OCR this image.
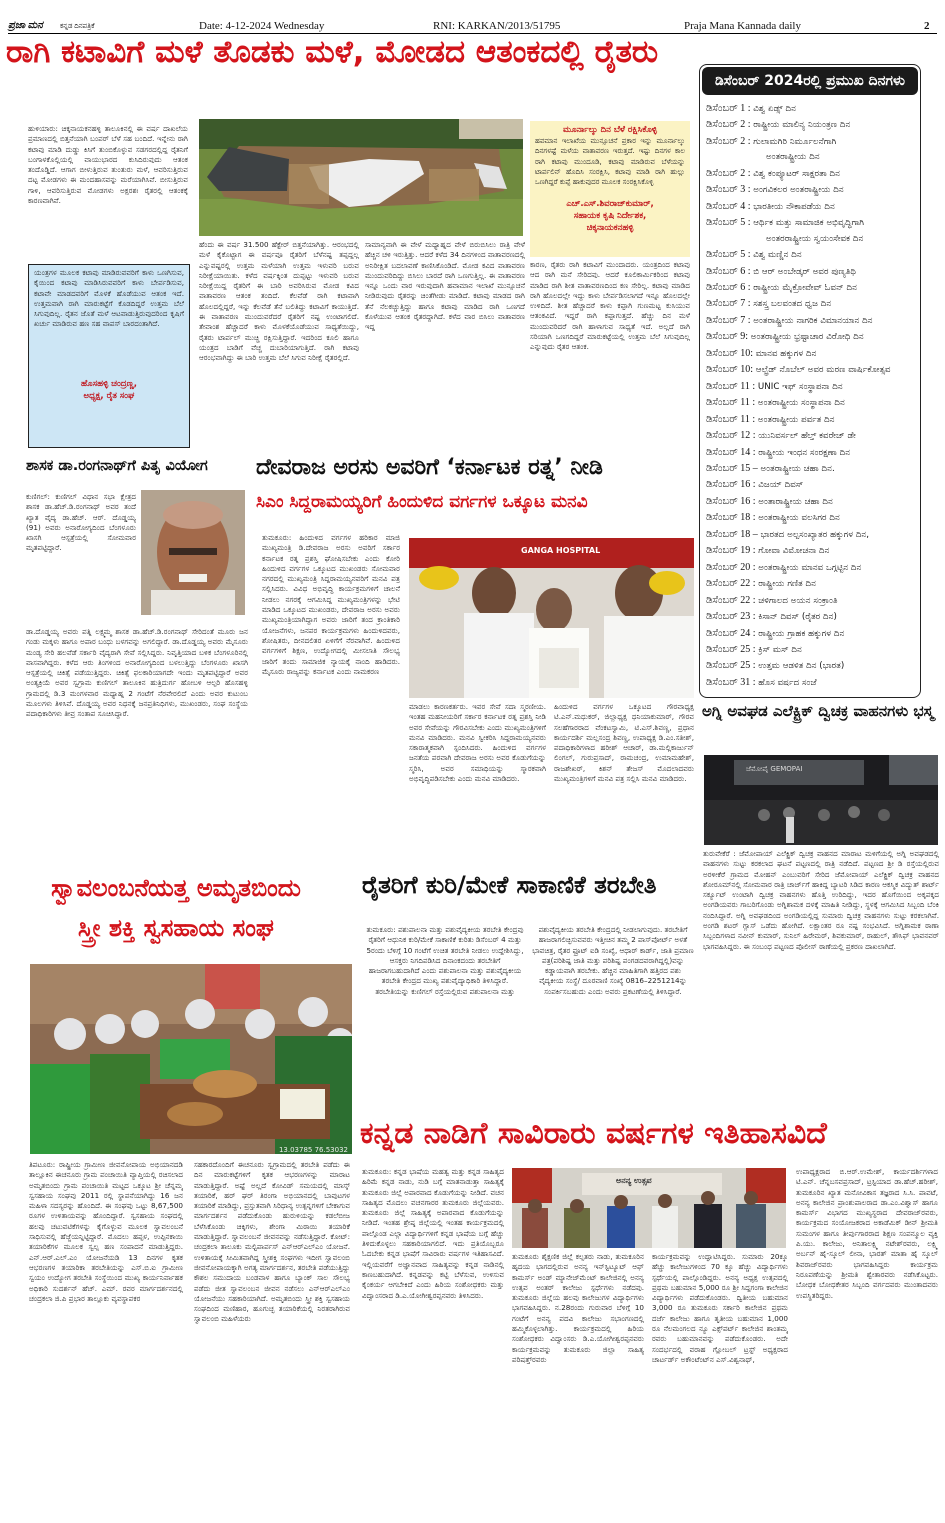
ಪ್ರಜಾ ಮನ ಕನ್ನಡ ದಿನಪತ್ರಿಕೆ	Date: 4-12-2024 Wednesday	RNI: KARKAN/2013/51795	Praja Mana Kannada daily	2
ರಾಗಿ ಕಟಾವಿಗೆ ಮಳೆ ತೊಡಕು ಮಳೆ, ಮೋಡದ ಆತಂಕದಲ್ಲಿ ರೈತರು
ಹುಳಿಯಾರು: ಚಿಕ್ಕನಾಯಕನಹಳ್ಳಿ ತಾಲೂಕಿನಲ್ಲಿ ಈ ವರ್ಷ ದಾಖಲೆಯ ಪ್ರಮಾಣದಲ್ಲಿ ಬಿತ್ತನೆಯಾಗಿ ಬಂಪರ್ ಬೆಳೆ ಸಹ ಬಂದಿದೆ. ಇನ್ನೇನು ರಾಗಿ ಕಟಾವು ಮಾಡಿ ದುಡ್ಡು ಕಿಸಿಗೆ ತುಂಬಿಕೊಳ್ಳುವ ಸಡಗರದಲ್ಲಿದ್ದ ರೈತನಿಗೆ ಬಂಗಾಳಕೊಲ್ಲಿಯಲ್ಲಿ ವಾಯುಭಾರದ ಕುಸಿದಿರುವುದು ಆತಂಕ ತಂದೊಡ್ಡಿದೆ. ಆಗಾಗ ಬೀಳುತ್ತಿರುವ ತುಂತುರು ಮಳೆ, ಆವರಿಸುತ್ತಿರುವ ದಟ್ಟ ಮೋಡಗಳು ಈ ಮಂದಹಾಸವನ್ನು ಮರೆಯಾಗಿಸಿವೆ. ಬೀಸುತ್ತಿರುವ ಗಾಳಿ, ಆವರಿಸುತ್ತಿರುವ ಮೋಡಗಳು ಅಕ್ಷರಶಃ ರೈತರಲ್ಲಿ ಆತಂಕಕ್ಕೆ ಕಾರಣವಾಗಿವೆ.
ಯಂತ್ರಗಳ ಮೂಲಕ ಕಟಾವು ಮಾಡಿರುವವರಿಗೆ ಕಾಳು ಒಣಗಿಸುವ, ಕೈಯಿಂದ ಕಟಾವು ಮಾಡಿಸಿರುವವರಿಗೆ ಕಾಳು ಬೇರ್ಪಡಿಸುವ, ಕಟಾವೇ ಮಾಡದವರಿಗೆ ಮೊಳಕೆ ಹೊಡೆಯುವ ಆತಂಕ ಇದೆ. ಉತ್ತಮವಾಗಿ ರಾಗಿ ಮಾರುಕಟ್ಟೆಗೆ ಕೊಡದಿದ್ದರೆ ಉತ್ತಮ ಬೆಲೆ ಸಿಗುವುದಿಲ್ಲ. ರೈತನ ಜೊತೆ ಮಳೆ ಆಟವಾಡುತ್ತಿರುವುದರಿಂದ ಕೃಷಿಗೆ ಖರ್ಚು ಮಾಡಿರುವ ಹಣ ಸಹ ವಾಪಸ್ ಬಾರದಂತಾಗಿದೆ.
ಹೊಸಹಳ್ಳಿ ಚಂದ್ರಣ್ಣ,
ಅಧ್ಯಕ್ಷ, ರೈತ ಸಂಘ
ಹೆಂದು ಈ ವರ್ಷ 31.500 ಹೆಕ್ಟೇರ್ ಬಿತ್ತನೆಯಾಗಿತ್ತು. ಆರಂಭದಲ್ಲಿ ಮಳೆ ಕೈಕೊಟ್ಟಾಗ ಈ ವರ್ಷವೂ ರೈತರಿಗೆ ಬೆಳೆನಷ್ಟ ತಪ್ಪದ್ದಲ್ಲ ಎನ್ನುವಷ್ಟರಲ್ಲಿ ಉತ್ತಮ ಮಳೆಯಾಗಿ ಉತ್ತಮ ಇಳುವರಿ ಬರುವ ನಿರೀಕ್ಷೆಯಾಯಿತು. ಕಳೆದ ವರ್ಷಕ್ಕಿಂತ ದುಪ್ಪಟ್ಟು ಇಳುವರಿ ಬರುವ ನಿರೀಕ್ಷೆಯಿದ್ದ ರೈತರಿಗೆ ಈ ಬಾರಿ ಅವರಿಸಿರುವ ಮೋಡ ಕವಿದ ವಾತಾವರಣ ಆತಂಕ ತಂದಿದೆ. ಕೆಲವೆಡೆ ರಾಗಿ ಕಟಾವಾಗಿ ಹೊಲದಲ್ಲಿದ್ದರೆ, ಇನ್ನು ಕೆಲವೆಡೆ ತೆನೆ ಬಲಿತಿದ್ದು ಕಟಾವಿಗೆ ಕಾಯುತ್ತಿದೆ. ಈ ವಾತಾವರಣ ಮುಂದುವರೆದರೆ ರೈತರಿಗೆ ನಷ್ಟ ಉಂಟಾಗಲಿದೆ. ತೇವಾಂಶ ಹೆಚ್ಚಾದರೆ ಕಾಳು ಮೊಳಕೆಯೊಡೆಯುವ ಸಾಧ್ಯತೆಯಿದ್ದು, ರೈತರು ಟಾರ್ಪಲ್ ಮುಚ್ಚಿ ರಕ್ಷಿಸುತ್ತಿದ್ದಾರೆ. ಇದರಿಂದ ಕೂಲಿ ಹಾಗೂ ಯಂತ್ರದ ಬಾಡಿಗೆ ವೆಚ್ಚ ದುಬಾರಿಯಾಗುತ್ತಿದೆ. ರಾಗಿ ಕಟಾವು ಆರಂಭವಾಗಿದ್ದು ಈ ಬಾರಿ ಉತ್ತಮ ಬೆಲೆ ಸಿಗುವ ನಿರೀಕ್ಷೆ ರೈತರಲ್ಲಿದೆ.
ಸಾಮಾನ್ಯವಾಗಿ ಈ ವೇಳೆ ಮಧ್ಯಾಹ್ನದ ವೇಳೆ ಬಿರುಬಿಸಿಲು ರಾತ್ರಿ ವೇಳೆ ಹೆಚ್ಚಿನ ಚಳಿ ಇರುತ್ತಿತ್ತು. ಆದರೆ ಕಳೆದ 34 ದಿನಗಳಿಂದ ವಾತಾವರಣದಲ್ಲಿ ಅನಿರೀಕ್ಷಿತ ಬದಲಾವಣೆ ಕಾಣಿಸಿಕೊಂಡಿದೆ. ಮೋಡ ಕವಿದ ವಾತಾವರಣ ಮುಂದುವರಿದಿದ್ದು ಬಿಸಿಲು ಬಾರದೆ ರಾಗಿ ಒಣಗುತ್ತಿಲ್ಲ. ಈ ವಾತಾವರಣ ಇನ್ನೂ ಒಂದು ವಾರ ಇರುವುದಾಗಿ ಹವಾಮಾನ ಇಲಾಖೆ ಮುನ್ಸೂಚನೆ ನೀಡಿರುವುದು ರೈತರನ್ನು ಚಿಂತೆಗೀಡು ಮಾಡಿದೆ. ಕಟಾವು ಮಾಡದ ರಾಗಿ ತೆನೆ ನೆಲಕಚ್ಚುತ್ತಿದ್ದು ಹಾಗೂ ಕಟಾವು ಮಾಡಿದ ರಾಗಿ ಒಣಗದೆ ಕೊಳೆಯುವ ಆತಂಕ ರೈತರದ್ದಾಗಿದೆ. ಕಳೆದ ವಾರ ಬಿಸಿಲು ವಾತಾವರಣ ಇದ್ದ
ಮೂರ್ನಾಲ್ಕು ದಿನ ಬೆಳೆ ರಕ್ಷಿಸಿಕೊಳ್ಳಿ
ಹವಮಾನ ಇಲಾಖೆಯ ಮುನ್ಸೂಚನೆ ಪ್ರಕಾರ ಇನ್ನು ಮೂರ್ನಾಲ್ಕು ದಿನಗಳಷ್ಟೆ ಮಳೆಯ ವಾತಾವರಣ ಇರುತ್ತದೆ. ಇಷ್ಟು ದಿನಗಳ ಕಾಲ ರಾಗಿ ಕಟಾವು ಮುಂದೂಡಿ, ಕಟಾವು ಮಾಡಿರುವ ಬೆಳೆಯನ್ನು ಟಾರ್ಪಲಿನ್ ಹೊದಿಸಿ ಸಂರಕ್ಷಿಸಿ, ಕಟಾವು ಮಾಡಿ ರಾಗಿ ಹುಲ್ಲು ಒಣಗಿದ್ದರೆ ಕುಪ್ಪೆ ಹಾಕುವುದರ ಮೂಲಕ ಸಂರಕ್ಷಿಸಿಕೊಳ್ಳಿ
ಎಚ್.ಎಸ್.ಶಿವರಾಜ್‌ಕುಮಾರ್,
ಸಹಾಯಕ ಕೃಷಿ ನಿರ್ದೇಶಕ,
ಚಿಕ್ಕನಾಯಕನಹಳ್ಳಿ
ಕಾರಣ, ರೈತರು ರಾಗಿ ಕಟಾವಿಗೆ ಮುಂದಾದರು. ಯಂತ್ರದಿಂದ ಕಟಾವು ಆದ ರಾಗಿ ಮನೆ ಸೇರಿದವು. ಆದರೆ ಕೂಲಿಕಾರ್ಮಿಕರಿಂದ ಕಟಾವು ಮಾಡಿದ ರಾಗಿ ಶೀತ ವಾತಾವರಣದಿಂದ ಕಣ ಸೇರಿಲ್ಲ. ಕಟಾವು ಮಾಡಿದ ರಾಗಿ ಹೊಲದಲ್ಲೇ ಇದ್ದು ಕಾಳು ಬೇರ್ಪಡಿಸಲಾಗದೆ ಇನ್ನೂ ಹೊಲದಲ್ಲೇ ಉಳಿದಿದೆ. ಶೀತ ಹೆಚ್ಚಾದರೆ ಕಾಳು ಕಪ್ಪಾಗಿ ಗುಣಮಟ್ಟ ಕುಸಿಯುವ ಆತಂಕವಿದೆ. ಇದ್ದರೆ ರಾಗಿ ಕಪ್ಪಾಗುತ್ತದೆ. ಹೆಚ್ಚು ದಿನ ಮಳೆ ಮುಂದುವರಿದರೆ ರಾಗಿ ಹಾಳಾಗುವ ಸಾಧ್ಯತೆ ಇದೆ. ಅಲ್ಲದೆ ರಾಗಿ ಸರಿಯಾಗಿ ಒಣಗದಿದ್ದರೆ ಮಾರುಕಟ್ಟೆಯಲ್ಲಿ ಉತ್ತಮ ಬೆಲೆ ಸಿಗುವುದಿಲ್ಲ ಎನ್ನುವುದು ರೈತರ ಆತಂಕ.
ಡಿಸೆಂಬರ್ 2024ರಲ್ಲಿ ಪ್ರಮುಖ ದಿನಗಳು
ಡಿಸೆಂಬರ್ 1 : ವಿಶ್ವ ಏಡ್ಸ್ ದಿನ
ಡಿಸೆಂಬರ್ 2 : ರಾಷ್ಟ್ರೀಯ ಮಾಲಿನ್ಯ ನಿಯಂತ್ರಣ ದಿನ
ಡಿಸೆಂಬರ್ 2 : ಗುಲಾಮಗಿರಿ ನಿರ್ಮೂಲನೆಗಾಗಿ
ಅಂತರಾಷ್ಟ್ರೀಯ ದಿನ
ಡಿಸೆಂಬರ್ 2 : ವಿಶ್ವ ಕಂಪ್ಯೂಟರ್ ಸಾಕ್ಷರತಾ ದಿನ
ಡಿಸೆಂಬರ್ 3 : ಅಂಗವಿಕಲರ ಅಂತರಾಷ್ಟ್ರೀಯ ದಿನ
ಡಿಸೆಂಬರ್ 4 : ಭಾರತೀಯ ನೌಕಾಪಡೆಯ ದಿನ
ಡಿಸೆಂಬರ್ 5 : ಆರ್ಥಿಕ ಮತ್ತು ಸಾಮಾಜಿಕ ಅಭಿವೃದ್ಧಿಗಾಗಿ
ಅಂತರರಾಷ್ಟ್ರೀಯ ಸ್ವಯಂಸೇವಕ ದಿನ
ಡಿಸೆಂಬರ್ 5 : ವಿಶ್ವ ಮಣ್ಣಿನ ದಿನ
ಡಿಸೆಂಬರ್ 6 : ಬಿ ಆರ್ ಅಂಬೇಡ್ಕರ್ ಅವರ ಪುಣ್ಯತಿಥಿ
ಡಿಸೆಂಬರ್ 6 : ರಾಷ್ಟ್ರೀಯ ಮೈಕ್ರೋವೇವ್ ಓವನ್ ದಿನ
ಡಿಸೆಂಬರ್ 7 : ಸಶಸ್ತ್ರ ಬಲವಂತದ ಧ್ವಜ ದಿನ
ಡಿಸೆಂಬರ್ 7 : ಅಂತರಾಷ್ಟ್ರೀಯ ನಾಗರಿಕ ವಿಮಾನಯಾನ ದಿನ
ಡಿಸೆಂಬರ್ 9: ಅಂತರಾಷ್ಟ್ರೀಯ ಭ್ರಷ್ಟಾಚಾರ ವಿರೋಧಿ ದಿನ
ಡಿಸೆಂಬರ್ 10: ಮಾನವ ಹಕ್ಕುಗಳ ದಿನ
ಡಿಸೆಂಬರ್ 10: ಆಲ್ಫ್ರೆಡ್ ನೊಬೆಲ್ ಅವರ ಮರಣ ವಾರ್ಷಿಕೋತ್ಸವ
ಡಿಸೆಂಬರ್ 11 : UNIC ಇಫ್ ಸಂಸ್ಥಾಪನಾ ದಿನ
ಡಿಸೆಂಬರ್ 11 : ಅಂತರಾಷ್ಟ್ರೀಯ ಸಂಸ್ಥಾಪನಾ ದಿನ
ಡಿಸೆಂಬರ್ 11 : ಅಂತರಾಷ್ಟ್ರೀಯ ಪರ್ವತ ದಿನ
ಡಿಸೆಂಬರ್ 12 : ಯುನಿವರ್ಸಲ್ ಹೆಲ್ತ್ ಕವರೇಜ್ ಡೇ
ಡಿಸೆಂಬರ್ 14 : ರಾಷ್ಟ್ರೀಯ ಇಂಧನ ಸಂರಕ್ಷಣಾ ದಿನ
ಡಿಸೆಂಬರ್ 15 – ಅಂತರಾಷ್ಟ್ರೀಯ ಚಹಾ ದಿನ.
ಡಿಸೆಂಬರ್ 16 : ವಿಜಯ್ ದಿವಸ್
ಡಿಸೆಂಬರ್ 16 : ಅಂತಾರಾಷ್ಟ್ರೀಯ ಚಹಾ ದಿನ
ಡಿಸೆಂಬರ್ 18 : ಅಂತರಾಷ್ಟ್ರೀಯ ವಲಸಿಗರ ದಿನ
ಡಿಸೆಂಬರ್ 18 – ಭಾರತದ ಅಲ್ಪಸಂಖ್ಯಾತರ ಹಕ್ಕುಗಳ ದಿನ,
ಡಿಸೆಂಬರ್ 19 : ಗೋವಾ ವಿಮೋಚನಾ ದಿನ
ಡಿಸೆಂಬರ್ 20 : ಅಂತರಾಷ್ಟ್ರೀಯ ಮಾನವ ಒಗ್ಗಟ್ಟಿನ ದಿನ
ಡಿಸೆಂಬರ್ 22 : ರಾಷ್ಟ್ರೀಯ ಗಣಿತ ದಿನ
ಡಿಸೆಂಬರ್ 22 : ಚಳಿಗಾಲದ ಅಯನ ಸಂಕ್ರಾಂತಿ
ಡಿಸೆಂಬರ್ 23 : ಕಿಸಾನ್ ದಿವಸ್ (ರೈತರ ದಿನ)
ಡಿಸೆಂಬರ್ 24 : ರಾಷ್ಟ್ರೀಯ ಗ್ರಾಹಕ ಹಕ್ಕುಗಳ ದಿನ
ಡಿಸೆಂಬರ್ 25 : ಕ್ರಿಸ್ ಮಸ್ ದಿನ
ಡಿಸೆಂಬರ್ 25 : ಉತ್ತಮ ಆಡಳಿತ ದಿನ (ಭಾರತ)
ಡಿಸೆಂಬರ್ 31 : ಹೊಸ ವರ್ಷದ ಸಂಜೆ
ಅಗ್ನಿ ಅವಘಡ ಎಲೆಕ್ಟ್ರಿಕ್ ದ್ವಿಚಕ್ರ ವಾಹನಗಳು ಭಸ್ಮ
ಜೆಮೋಪೈ GEMOPAI
ತುರುವೇಕೆರೆ : ಜೆಮೋಪಾಯ್ ಎಲೆಕ್ಟ್ರಿಕ್ ದ್ವಿಚಕ್ರ ವಾಹನದ ಮಾರಾಟ ಮಳಿಗೆಯಲ್ಲಿ ಅಗ್ನಿ ಅವಘಡದಲ್ಲಿ ವಾಹನಗಳು ಸುಟ್ಟು ಕರಕಲಾದ ಘಟನೆ ಪಟ್ಟಣದಲ್ಲಿ ರಾತ್ರಿ ನಡೆದಿದೆ. ಪಟ್ಟಣದ ಶ್ರೀ ಡಿ ರಸ್ತೆಯಲ್ಲಿರುವ ಅರಳೀಕೆರೆ ಗ್ರಾಮದ ಮೋಹನ್ ಎಂಬುವರಿಗೆ ಸೇರಿದ ಜೆಮೋಪಾಯ್ ಎಲೆಕ್ಟ್ರಿಕ್ ದ್ವಿಚಕ್ರ ವಾಹನದ ಶೋರೂಮ್‌ನಲ್ಲಿ ಸೋಮವಾರ ರಾತ್ರಿ ಚಾರ್ಜ್‌ಗೆ ಹಾಕಿದ್ದ ಬ್ಯಾಟರಿ ಸಿಡಿದ ಕಾರಣ ಆಕಸ್ಮಿಕ ವಿದ್ಯುತ್ ಶಾರ್ಟ್ ಸರ್ಕ್ಯೂಟ್ ಉಂಟಾಗಿ ದ್ವಿಚಕ್ರ ವಾಹನಗಳು ಹೊತ್ತಿ ಉರಿದಿದ್ದು, ಇದರ ಹೊಗೆಯಿಂದ ಅಕ್ಕಪಕ್ಕದ ಅಂಗಡಿಯವರು ಗಾಬರಿಗೊಂಡು ಅಗ್ನಿಶಾಮಕ ದಳಕ್ಕೆ ಮಾಹಿತಿ ನೀಡಿದ್ದು, ಸ್ಥಳಕ್ಕೆ ಆಗಮಿಸಿದ ಸಿಬ್ಬಂದಿ ಬೆಂಕಿ ನಂದಿಸಿದ್ದಾರೆ. ಅಗ್ನಿ ಅವಘಡದಿಂದ ಅಂಗಡಿಯಲ್ಲಿದ್ದ ಸುಮಾರು ದ್ವಿಚಕ್ರ ವಾಹನಗಳು ಸುಟ್ಟು ಕರಕಲಾಗಿವೆ. ಅಂಗಡಿ ಶಟರ್ ಗ್ಲಾಸ್ ಒಡೆದು ಹೋಗಿದೆ. ಲಕ್ಷಾಂತರ ರೂ ನಷ್ಟ ಸಂಭವಿಸಿದೆ. ಅಗ್ನಿಶಾಮಕ ಠಾಣಾ ಸಿಬ್ಬಂದಿಗಳಾದ ನವೀನ್ ಕುಮಾರ್, ಸುನಿಲ್ ಹಿರೇಮಠ್, ಶಿವಕುಮಾರ್, ರಾಹುಲ್, ತೌಸಿಫ್ ಭಾವನವರ್ ಭಾಗವಹಿಸಿದ್ದರು. ಈ ಸಂಬಂಧ ಪಟ್ಟಣದ ಪೊಲೀಸ್ ಠಾಣೆಯಲ್ಲಿ ಪ್ರಕರಣ ದಾಖಲಾಗಿದೆ.
ಶಾಸಕ ಡಾ.ರಂಗನಾಥ್‌ಗೆ ಪಿತೃ ವಿಯೋಗ
ಕುಣಿಗಲ್: ಕುಣಿಗಲ್ ವಿಧಾನ ಸಭಾ ಕ್ಷೇತ್ರದ ಶಾಸಕ ಡಾ.ಹೆಚ್.ಡಿ.ರಂಗನಾಥ್ ಅವರ ತಂದೆ ಖ್ಯಾತ ವೈದ್ಯ ಡಾ.ಹೆಚ್. ಆರ್. ದೊಡ್ಡಯ್ಯ (91) ಅವರು ಅನಾರೋಗ್ಯದಿಂದ ಬೆಂಗಳೂರು ಖಾಸಗಿ ಆಸ್ಪತ್ರೆಯಲ್ಲಿ ಸೋಮವಾರ ಮೃತಪಟ್ಟಿದ್ದಾರೆ.
ಡಾ.ದೊಡ್ಡಯ್ಯ ಅವರು ಪತ್ನಿ ಲಕ್ಷ್ಮಮ್ಮ ಶಾಸಕ ಡಾ.ಹೆಚ್.ಡಿ.ರಂಗನಾಥ್ ಸೇರಿದಂತೆ ಮೂರು ಜನ ಗಂಡು ಮಕ್ಕಳು ಹಾಗೂ ಅಪಾರ ಬಂಧು ಬಳಗವನ್ನು ಅಗಲಿದ್ದಾರೆ. ಡಾ.ದೊಡ್ಡಯ್ಯ ಅವರು ಮೈಸೂರು ಮಂಡ್ಯ ಸೇರಿ ಹಲವೆಡೆ ಸರ್ಕಾರಿ ವೈದ್ಯರಾಗಿ ಸೇವೆ ಸಲ್ಲಿಸಿದ್ದರು. ನಿವೃತ್ತಿಯಾದ ಬಳಿಕ ಬೆಂಗಳೂರಿನಲ್ಲಿ ವಾಸವಾಗಿದ್ದರು. ಕಳೆದ ಆರು ತಿಂಗಳಿಂದ ಅನಾರೋಗ್ಯದಿಂದ ಬಳಲುತ್ತಿದ್ದು ಬೆಂಗಳೂರು ಖಾಸಗಿ ಆಸ್ಪತ್ರೆಯಲ್ಲಿ ಚಿಕಿತ್ಸೆ ಪಡೆಯುತ್ತಿದ್ದರು. ಚಿಕಿತ್ಸೆ ಫಲಕಾರಿಯಾಗದೇ ಇಂದು ಮೃತಪಟ್ಟಿದ್ದಾರೆ ಅವರ ಅಂತ್ಯಕ್ರಿಯೆ ಅವರ ಸ್ವಗ್ರಾಮ ಕುಣಿಗಲ್ ತಾಲೂಕಿನ ಹುತ್ರಿದುರ್ಗ ಹೋಬಳಿ ಆಲ್ಪರಿ ಹೊಸಹಳ್ಳಿ ಗ್ರಾಮದಲ್ಲಿ ಡಿ.3 ಮಂಗಳವಾರ ಮಧ್ಯಾಹ್ನ 2 ಗಂಟೆಗೆ ನೆರವೇರಲಿದೆ ಎಂದು ಅವರ ಕುಟುಂಬ ಮೂಲಗಳು ತಿಳಿಸಿವೆ. ದೊಡ್ಡಯ್ಯ ಅವರ ನಿಧನಕ್ಕೆ ಜನಪ್ರತಿನಿಧಿಗಳು, ಮುಖಂಡರು, ಸಂಘ ಸಂಸ್ಥೆಯ ಪದಾಧಿಕಾರಿಗಳು ತೀವ್ರ ಸಂತಾಪ ಸೂಚಿಸಿದ್ದಾರೆ.
ದೇವರಾಜ ಅರಸು ಅವರಿಗೆ ‘ಕರ್ನಾಟಕ ರತ್ನ’ ನೀಡಿ
ಸಿಎಂ ಸಿದ್ದರಾಮಯ್ಯರಿಗೆ ಹಿಂದುಳಿದ ವರ್ಗಗಳ ಒಕ್ಕೂಟ ಮನವಿ
ತುಮಕೂರು: ಹಿಂದುಳಿದ ವರ್ಗಗಳ ಹರಿಕಾರ ಮಾಜಿ ಮುಖ್ಯಮಂತ್ರಿ ಡಿ.ದೇವರಾಜ ಅರಸು ಅವರಿಗೆ ಸರ್ಕಾರ ಕರ್ನಾಟಕ ರತ್ನ ಪ್ರಶಸ್ತಿ ಘೋಷಿಸಬೇಕು ಎಂದು ಕೋರಿ ಹಿಂದುಳಿದ ವರ್ಗಗಳ ಒಕ್ಕೂಟದ ಮುಖಂಡರು ಸೋಮವಾರ ನಗರದಲ್ಲಿ ಮುಖ್ಯಮಂತ್ರಿ ಸಿದ್ದರಾಮಯ್ಯನವರಿಗೆ ಮನವಿ ಪತ್ರ ಸಲ್ಲಿಸಿದರು. ವಿವಿಧ ಅಭಿವೃದ್ಧಿ ಕಾರ್ಯಕ್ರಮಗಳಿಗೆ ಚಾಲನೆ ನೀಡಲು ನಗರಕ್ಕೆ ಆಗಮಿಸಿದ್ದ ಮುಖ್ಯಮಂತ್ರಿಗಳನ್ನು ಭೇಟಿ ಮಾಡಿದ ಒಕ್ಕೂಟದ ಮುಖಂಡರು, ದೇವರಾಜ ಅರಸು ಅವರು ಮುಖ್ಯಮಂತ್ರಿಯಾಗಿದ್ದಾಗ ಅವರು ಜಾರಿಗೆ ತಂದ ಕ್ರಾಂತಿಕಾರಿ ಯೋಜನೆಗಳು, ಜನಪರ ಕಾರ್ಯಕ್ರಮಗಳು ಹಿಂದುಳಿದವರು, ಶೋಷಿತರು, ದೀನದಲಿತರ ಏಳಿಗೆಗೆ ನೆರವಾಗಿವೆ. ಹಿಂದುಳಿದ ವರ್ಗಗಳಿಗೆ ಶಿಕ್ಷಣ, ಉದ್ಯೋಗದಲ್ಲಿ ಮೀಸಲಾತಿ ಸೌಲಭ್ಯ ಜಾರಿಗೆ ತಂದು ಸಾಮಾಜಿಕ ನ್ಯಾಯಕ್ಕೆ ನಾಂದಿ ಹಾಡಿದರು. ಮೈಸೂರು ರಾಜ್ಯವನ್ನು ಕರ್ನಾಟಕ ಎಂದು ನಾಮಕರಣ
GANGA HOSPITAL
ಮಾಡಲು ಕಾರಣಕರ್ತರು. ಇವರ ಸೇವೆ ಸದಾ ಸ್ಮರಣೀಯ. ಇಂತಹ ಮಹನೀಯರಿಗೆ ಸರ್ಕಾರ ಕರ್ನಾಟಕ ರತ್ನ ಪ್ರಶಸ್ತಿ ನೀಡಿ ಅವರ ಸೇವೆಯನ್ನು ಗೌರವಿಸಬೇಕು ಎಂದು ಮುಖ್ಯಮಂತ್ರಿಗಳಿಗೆ ಮನವಿ ಮಾಡಿದರು. ಮನವಿ ಸ್ವೀಕರಿಸಿ ಸಿದ್ದರಾಮಯ್ಯನವರು ಸಕಾರಾತ್ಮಕವಾಗಿ ಸ್ಪಂದಿಸಿದರು. ಹಿಂದುಳಿದ ವರ್ಗಗಳ ಜನತೆಯ ಪರವಾಗಿ ದೇವರಾಜ ಅರಸು ಅವರ ಕೊಡುಗೆಯನ್ನು ಸ್ಮರಿಸಿ, ಅವರ ಸಮಾಧಿಯನ್ನು ಸ್ಮಾರಕವಾಗಿ ಅಭಿವೃದ್ಧಿಪಡಿಸಬೇಕು ಎಂದು ಮನವಿ ಮಾಡಿದರು.
ಹಿಂದುಳಿದ ವರ್ಗಗಳ ಒಕ್ಕೂಟದ ಗೌರವಾಧ್ಯಕ್ಷ ಟಿ.ಎನ್.ಮಧುಕರ್, ಜಿಲ್ಲಾಧ್ಯಕ್ಷ ಧನಿಯಾಕುಮಾರ್, ಗೌರವ ಸಲಹೆಗಾರರಾದ ವೆಂಕಟಸ್ವಾಮಿ, ಟಿ.ಎಸ್.ಶಿವಣ್ಣ, ಪ್ರಧಾನ ಕಾರ್ಯದರ್ಶಿ ಮಲ್ಲಸಂದ್ರ ಶಿವಣ್ಣ, ಉಪಾಧ್ಯಕ್ಷ ಡಿ.ಎಂ.ಸತೀಶ್, ಪದಾಧಿಕಾರಿಗಳಾದ ಹರೀಶ್ ಆಚಾರ್, ಡಾ.ಮಲ್ಲಿಕಾರ್ಜುನ್ ಲಿಂಗಲ್, ಗುರುಪ್ರಸಾದ್, ರಾಮಚಂದ್ರ, ಉಮಾಮಹೇಶ್, ರಾಜಶೇಖರ್, ಕಿಶನ್ ತೇಜಸ್ ಮೊದಲಾದವರು ಮುಖ್ಯಮಂತ್ರಿಗಳಿಗೆ ಮನವಿ ಪತ್ರ ಸಲ್ಲಿಸಿ ಮನವಿ ಮಾಡಿದರು.
ಸ್ವಾವಲಂಬನೆಯತ್ತ ಅಮೃತಬಿಂದು
ಸ್ತ್ರೀ ಶಕ್ತಿ ಸ್ವಸಹಾಯ ಸಂಘ
13.03785 76.53032
ತಿಪಟೂರು: ರಾಷ್ಟ್ರೀಯ ಗ್ರಾಮೀಣ ಜೀವನೋಪಾಯ ಅಭಿಯಾನದಡಿ ತಾಲ್ಲೂಕಿನ ಈಚನೂರು ಗ್ರಾಮ ಪಂಚಾಯಿತಿ ವ್ಯಾಪ್ತಿಯಲ್ಲಿ ರಚಿಸಲಾದ ಅಮೃತಬಿಂದು ಗ್ರಾಮ ಪಂಚಾಯಿತಿ ಮಟ್ಟದ ಒಕ್ಕೂಟ ಶ್ರೀ ಚೆನ್ನಮ್ಮ ಸ್ವಸಹಾಯ ಸಂಘವು 2011 ರಲ್ಲಿ ಸ್ಥಾಪನೆಯಾಗಿದ್ದು 16 ಜನ ಮಹಿಳಾ ಸದಸ್ಯರನ್ನು ಹೊಂದಿದೆ. ಈ ಸಂಘವು ಒಟ್ಟು 8,67,500 ರೂಗಳ ಉಳಿತಾಯವನ್ನು ಹೊಂದಿದ್ದಾರೆ. ಸ್ವಸಹಾಯ ಸಂಘದಲ್ಲಿ ಹಲವು ಚಟುವಟಿಕೆಗಳನ್ನು ಕೈಗೊಳ್ಳುವ ಮೂಲಕ ಸ್ವಾವಲಂಬನೆ ಸಾಧಿಸುವಲ್ಲಿ ಹೆಜ್ಜೆಯನ್ನಿಟ್ಟಿದ್ದಾರೆ. ಮೊದಲು ಹಪ್ಪಳ, ಉಪ್ಪಿನಕಾಯಿ ತಯಾರಿಕೆಗಳ ಮೂಲಕ ಸ್ವಲ್ಪ ಹಣ ಸಂಪಾದನೆ ಮಾಡುತ್ತಿದ್ದರು. ಎನ್.ಆರ್.ಎಲ್.ಎಂ ಯೋಜನೆಯಡಿ 13 ದಿನಗಳ ಕೃತಕ ಆಭರಣಗಳ ತಯಾರಿಕಾ ತರಬೇತಿಯನ್ನು ಎಸ್.ಬಿ.ಐ ಗ್ರಾಮೀಣ ಸ್ವಯಂ ಉದ್ಯೋಗ ತರಬೇತಿ ಸಂಸ್ಥೆಯಿಂದ ಮುಖ್ಯ ಕಾರ್ಯನಿರ್ವಾಹಕ ಅಧಿಕಾರಿ ಸುದರ್ಶನ್ ಹೆಚ್. ಎಮ್. ರವರ ಮಾರ್ಗದರ್ಶನದಲ್ಲಿ ಚಂದ್ರಕಲಾ ಜಿ.ಪಿ ಪ್ರಭಾರ ತಾಲ್ಲೂಕು ವ್ಯವಸ್ಥಾಪಕರ
ಸಹಕಾರದೊಂದಿಗೆ ಈಚನೂರು ಸ್ವಗ್ರಾಮದಲ್ಲಿ ತರಬೇತಿ ಪಡೆದು ಈ ದಿನ ಮಾರುಕಟ್ಟೆಗಳಿಗೆ ಕೃತಕ ಆಭರಣಗಳನ್ನು ಮಾರಾಟ ಮಾಡುತ್ತಿದ್ದಾರೆ. ಅಷ್ಟೆ ಅಲ್ಲದೆ ಕೋವಿಡ್ ಸಮಯದಲ್ಲಿ ಮಾಸ್ಕ್ ತಯಾರಿಕೆ, ಹರ್ ಘರ್ ತಿರಂಗಾ ಅಭಿಯಾನದಲ್ಲಿ ಬಾವುಟಗಳ ತಯಾರಿಕೆ ಮಾಡಿದ್ದು, ಪ್ರಸ್ತುತವಾಗಿ ಸಿರಿಧಾನ್ಯ ಉತ್ಪನ್ನಗಳಿಗೆ ಬೇಕಾಗುವ ಮಾರ್ಗದರ್ಶನ ಪಡೆದುಕೊಂಡು ಹುರುಳಿಯನ್ನು ಕಡಲೆಬೀಜ ಬೆಳೆಸಿಕೊಂಡು ಚಿಕ್ಕಿಗಳು, ಶೇಂಗಾ ಮಿಠಾಯಿ ತಯಾರಿಕೆ ಮಾಡುತ್ತಿದ್ದಾರೆ. ಸ್ವಾವಲಂಬನೆ ಜೀವನವನ್ನು ನಡೆಸುತ್ತಿದ್ದಾರೆ. ಕೋಟ್: ಚಂದ್ರಕಲಾ ತಾಲೂಕು ಮಲ್ಟಿಪಾರ್ಪಸ್ ಎನ್‌ಆರ್‌ಎಲ್‌ಎಂ ಯೋಜನೆ. ಉಳಿತಾಯಕ್ಕೆ ಸೀಮಿತವಾಗಿದ್ದ ಸ್ತ್ರೀಶಕ್ತಿ ಸಂಘಗಳು ಇದೀಗ ಸ್ವಾವಲಂಬಿ ಜೀವನೋಪಾಯಕ್ಕಾಗಿ ಅಗತ್ಯ ಮಾರ್ಗದರ್ಶನ, ತರಬೇತಿ ಪಡೆಯುತ್ತಿದ್ದು ಕೌಶಲ ಸಮುದಾಯ ಬಂಡವಾಳ ಹಾಗೂ ಬ್ಯಾಂಕ್ ಸಾಲ ಸೌಲಭ್ಯ ಪಡೆದು ಜೀತ ಸ್ವಾವಲಂಬನ ಜೀವನ ನಡೆಸಲು ಎನ್‌ಆರ್‌ಎಲ್‌ಎಂ ಯೋಜನೆಯು ಸಹಕಾರಿಯಾಗಿದೆ. ಅಮೃತಬಿಂದು ಸ್ತ್ರೀ ಶಕ್ತಿ ಸ್ವಸಹಾಯ ಸಂಘದಿಂದ ಮಣಿಹಾರ, ಹೂಗುಚ್ಛ ತಯಾರಿಕೆಯಲ್ಲಿ ನಿರತರಾಗಿರುವ ಸ್ವಾವಲಂಬಿ ಮಹಿಳೆಯರು
ರೈತರಿಗೆ ಕುರಿ/ಮೇಕೆ ಸಾಕಾಣಿಕೆ ತರಬೇತಿ
ತುಮಕೂರು: ಪಶುಪಾಲನಾ ಮತ್ತು ಪಶುವೈದ್ಯಕೀಯ ತರಬೇತಿ ಕೇಂದ್ರವು ರೈತರಿಗೆ ಆಧುನಿಕ ಕುರಿ/ಮೇಕೆ ಸಾಕಾಣಿಕೆ ಕುರಿತು ಡಿಸೆಂಬರ್ 4 ಮತ್ತು 5ರಂದು ಬೆಳಿಗ್ಗೆ 10 ಗಂಟೆಗೆ ಉಚಿತ ತರಬೇತಿ ನೀಡಲು ಉದ್ದೇಶಿಸಿದ್ದು, ಆಸಕ್ತರು ನಿಗದಿಪಡಿಸಿದ ದಿನಾಂಕದಂದು ತರಬೇತಿಗೆ ಹಾಜರಾಗಬಹುದಾಗಿದೆ ಎಂದು ಪಶುಪಾಲನಾ ಮತ್ತು ಪಶುವೈದ್ಯಕೀಯ ತರಬೇತಿ ಕೇಂದ್ರದ ಮುಖ್ಯ ಪಶುವೈದ್ಯಾಧಿಕಾರಿ ತಿಳಿಸಿದ್ದಾರೆ. ತರಬೇತಿಯನ್ನು ಕುಣಿಗಲ್ ರಸ್ತೆಯಲ್ಲಿರುವ ಪಶುಪಾಲನಾ ಮತ್ತು
ಪಶುವೈದ್ಯಕೀಯ ತರಬೇತಿ ಕೇಂದ್ರದಲ್ಲಿ ನೀಡಲಾಗುವುದು. ತರಬೇತಿಗೆ ಹಾಜರಾಗಲಿಚ್ಛಿಸುವವರು ಇತ್ತೀಚಿನ ತಮ್ಮ 2 ಪಾಸ್‌ಪೋರ್ಟ್ ಅಳತೆ ಭಾವಚಿತ್ರ, ರೈತರ ಫ್ರೂಟ್ ಐಡಿ ಸಂಖ್ಯೆ, ಆಧಾರ್ ಕಾರ್ಡ್, ಜಾತಿ ಪ್ರಮಾಣ ಪತ್ರ(ಪರಿಶಿಷ್ಟ ಜಾತಿ ಮತ್ತು ಪರಿಶಿಷ್ಟ ಪಂಗಡದವರಾಗಿದ್ದಲ್ಲಿ)ವನ್ನು ಕಡ್ಡಾಯವಾಗಿ ತರಬೇಕು. ಹೆಚ್ಚಿನ ಮಾಹಿತಿಗಾಗಿ ಹತ್ತಿರದ ಪಶು ವೈದ್ಯಕೀಯ ಸಂಸ್ಥೆ/ ದೂರವಾಣಿ ಸಂಖ್ಯೆ 0816–2251214ನ್ನು ಸಂಪರ್ಕಿಸಬಹುದು ಎಂದು ಅವರು ಪ್ರಕಟಣೆಯಲ್ಲಿ ತಿಳಿಸಿದ್ದಾರೆ.
ಕನ್ನಡ ನಾಡಿಗೆ ಸಾವಿರಾರು ವರ್ಷಗಳ ಇತಿಹಾಸವಿದೆ
ತುಮಕೂರು: ಕನ್ನಡ ಭಾಷೆಯ ಮಹತ್ವ ಮತ್ತು ಕನ್ನಡ ಸಾಹಿತ್ಯದ ಹಿರಿಮೆ ಕನ್ನಡ ನಾಡು, ನುಡಿ ಬಗ್ಗೆ ಮಾತನಾಡುತ್ತಾ ಸಾಹಿತ್ಯಕ್ಕೆ ತುಮಕೂರು ಜಿಲ್ಲೆ ಅಪಾರವಾದ ಕೊಡುಗೆಯನ್ನು ನೀಡಿದೆ. ವಚನ ಸಾಹಿತ್ಯದ ಮೊದಲು ವಚನಗಾರರ ತುಮಕೂರು ಜಿಲ್ಲೆಯವರು. ತುಮಕೂರು ಜಿಲ್ಲೆ ಸಾಹಿತ್ಯಕ್ಕೆ ಅಪಾರವಾದ ಕೊಡುಗೆಯನ್ನು ನೀಡಿದೆ. ಇಂತಹ ಶ್ರೇಷ್ಠ ಜಿಲ್ಲೆಯಲ್ಲಿ ಇಂತಹ ಕಾರ್ಯಕ್ರಮದಲ್ಲಿ ಪಾಲ್ಗೊಂಡ ಎಲ್ಲಾ ವಿದ್ಯಾರ್ಥಿಗಳಿಗೆ ಕನ್ನಡ ಭಾಷೆಯ ಬಗ್ಗೆ ಹೆಚ್ಚು ತಿಳಿದುಕೊಳ್ಳಲು ಸಹಕಾರಿಯಾಗಲಿದೆ. ಇದು ಪ್ರತಿಯೊಬ್ಬರೂ ಓದಬೇಕು ಕನ್ನಡ ಭಾಷೆಗೆ ಸಾವಿರಾರು ವರ್ಷಗಳ ಇತಿಹಾಸವಿದೆ. ಇಲ್ಲಿಯವರೆಗೆ ಅಜ್ಞಾನವಾದ ಸಾಹಿತ್ಯವನ್ನು ಕನ್ನಡ ನಾಡಿನಲ್ಲಿ ಕಾಣಬಹುದಾಗಿದೆ. ಕನ್ನಡವನ್ನು ಕಟ್ಟಿ ಬೆಳೆಸುವ, ಉಳಿಸುವ ಕೈಂಕರ್ಯ ಆಗಬೇಕಿದೆ ಎಂದು ಹಿರಿಯ ಸಂಶೋಧಕರು ಮತ್ತು ವಿದ್ವಾಂಸರಾದ ಡಿ.ಎ.ಯೋಗೀಶ್ವರಪ್ಪನವರು ತಿಳಿಸಿದರು.
ಅನನ್ಯ ಉತ್ಸವ
ತುಮಕೂರು ಶೈಕ್ಷಣಿಕ ಜಿಲ್ಲೆ ಕಲ್ಪತರು ನಾಡು, ತುಮಕೂರಿನ ಹೃದಯ ಭಾಗದಲ್ಲಿರುವ ಅನನ್ಯ ಇನ್‌ಸ್ಟಿಟ್ಯೂಟ್ ಆಫ್ ಕಾಮರ್ಸ್ ಅಂಡ್ ಮ್ಯಾನೇಜ್‌ಮೆಂಟ್ ಕಾಲೇಜಿನಲ್ಲಿ ಅನನ್ಯ ಉತ್ಸವ ಅಂತರ್ ಕಾಲೇಜು ಸ್ಪರ್ಧೆಗಳು ನಡೆದವು. ತುಮಕೂರು ಜಿಲ್ಲೆಯ ಹಲವು ಕಾಲೇಜುಗಳ ವಿದ್ಯಾರ್ಥಿಗಳು ಭಾಗವಹಿಸಿದ್ದರು. ನ.28ರಂದು ಗುರುವಾರ ಬೆಳಿಗ್ಗೆ 10 ಗಂಟೆಗೆ ಅನನ್ಯ ಪದವಿ ಕಾಲೇಜು ಸಭಾಂಗಣದಲ್ಲಿ ಹಮ್ಮಿಕೊಳ್ಳಲಾಗಿತ್ತು. ಕಾರ್ಯಕ್ರಮದಲ್ಲಿ ಹಿರಿಯ ಸಂಶೋಧಕರು ವಿದ್ವಾಂಸರು ಡಿ.ಎ.ಯೋಗೀಶ್ವರಪ್ಪನವರು ಕಾರ್ಯಕ್ರಮವನ್ನು ತುಮಕೂರು ಜಿಲ್ಲಾ ಸಾಹಿತ್ಯ ಪರಿಷತ್ತ್‌ರವರು
ಕಾರ್ಯಕ್ರಮವನ್ನು ಉದ್ಘಾಟಿಸಿದ್ದರು. ಸುಮಾರು 20ಕ್ಕೂ ಹೆಚ್ಚು ಕಾಲೇಜುಗಳಿಂದ 70 ಕ್ಕೂ ಹೆಚ್ಚು ವಿದ್ಯಾರ್ಥಿಗಳು ಸ್ಪರ್ಧೆಯಲ್ಲಿ ಪಾಲ್ಗೊಂಡಿದ್ದರು. ಅನನ್ಯ ಅಧ್ಯಕ್ಷ ಉತ್ಸವದಲ್ಲಿ ಪ್ರಥಮ ಬಹುಮಾನ 5,000 ರೂ ಶ್ರೀ ಸಿದ್ದಗಂಗಾ ಕಾಲೇಜಿನ ವಿದ್ಯಾರ್ಥಿಗಳು ಪಡೆದುಕೊಂಡರು. ದ್ವಿತೀಯ ಬಹುಮಾನ 3,000 ರೂ ತುಮಕೂರು ಸರ್ಕಾರಿ ಕಾಲೇಜಿನ ಪ್ರಥಮ ದರ್ಜೆ ಕಾಲೇಜು ಹಾಗೂ ತೃತೀಯ ಬಹುಮಾನ 1,000 ರೂ ನೆಲಮಂಗಲದ ನ್ಯೂ ಎಕ್ಸ್‌ಪರ್ಟ್ ಕಾಲೇಜಿನ ಶಾಂತಮ್ಮ ರವರು ಬಹುಮಾನವನ್ನು ಪಡೆದುಕೊಂಡರು. ಅದೇ ಸಂದರ್ಭದಲ್ಲಿ ವರಾಹ ಗ್ಲೋಬಲ್ ಟ್ರಸ್ಟ್ ಅಧ್ಯಕ್ಷರಾದ ಚಾರ್ಟರ್ಡ್ ಅಕೌಂಟೆಂಟ್‌ನ ಎಸ್.ವಿಶ್ವನಾಥ್,
ಉಪಾಧ್ಯಕ್ಷರಾದ ಬಿ.ಆರ್.ಉಮೇಶ್, ಕಾರ್ಯದರ್ಶಿಗಳಾದ ಟಿ.ಎನ್. ಚೆನ್ನಬಸವಪ್ರಸಾದ್, ಟ್ರಸ್ಟಿಯಾದ ಡಾ.ಹೆಚ್.ಹರೀಶ್, ತುಮಕೂರಿನ ಖ್ಯಾತ ಮನೋವಿಕಾಸ ತಜ್ಞರಾದ ಸಿ.ಸಿ. ಪಾವಟೆ, ಅನನ್ಯ ಕಾಲೇಜಿನ ಪ್ರಾಂಶುಪಾಲರಾದ ಡಾ.ಎಂ.ವಿಶ್ವಾಸ್ ಹಾಗೂ ಕಾಮರ್ಸ್ ವಿಭಾಗದ ಮುಖ್ಯಸ್ಥರಾದ ದೇವರಾಜ್‌ರವರು, ಕಾರ್ಯಕ್ರಮದ ಸಂಯೋಜಕರಾದ ಅಕಾಡೆಮಿಕ್ ಡೀನ್ ಶ್ರೀಮತಿ ಸುಮಂಗಳ ಹಾಗೂ ತೀರ್ಪುಗಾರರಾದ ಶಿಕ್ಷಣ ಸಂಪನ್ಮೂಲ ವ್ಯಕ್ತಿ ಪಿ.ಯು. ಕಾಲೇಜು, ಅನಿತಾಲಕ್ಷ್ಮಿ ನಟೇಶ್‌ರವರು, ಲಕ್ಷ್ಮಿ ಅರ್ಬನ್ ಹೈ-ಸ್ಕೂಲ್ ಲೀನಾ, ಭಾರತ್ ಮಾತಾ ಹೈ ಸ್ಕೂಲ್ ಶಿವರಾಜ್‌ರವರು ಭಾಗವಹಿಸಿದ್ದರು ಕಾರ್ಯಕ್ರಮ ನಿರೂಪಣೆಯನ್ನು ಶ್ರೀಮತಿ ಶ್ವೇತಾರವರು ನಡೆಸಿಕೊಟ್ಟರು. ಬೋಧಕ ಬೋಧಕೇತರ ಸಿಬ್ಬಂದಿ ವರ್ಗದವರು ಮುಂತಾದವರು ಉಪಸ್ಥಿತರಿದ್ದರು.
